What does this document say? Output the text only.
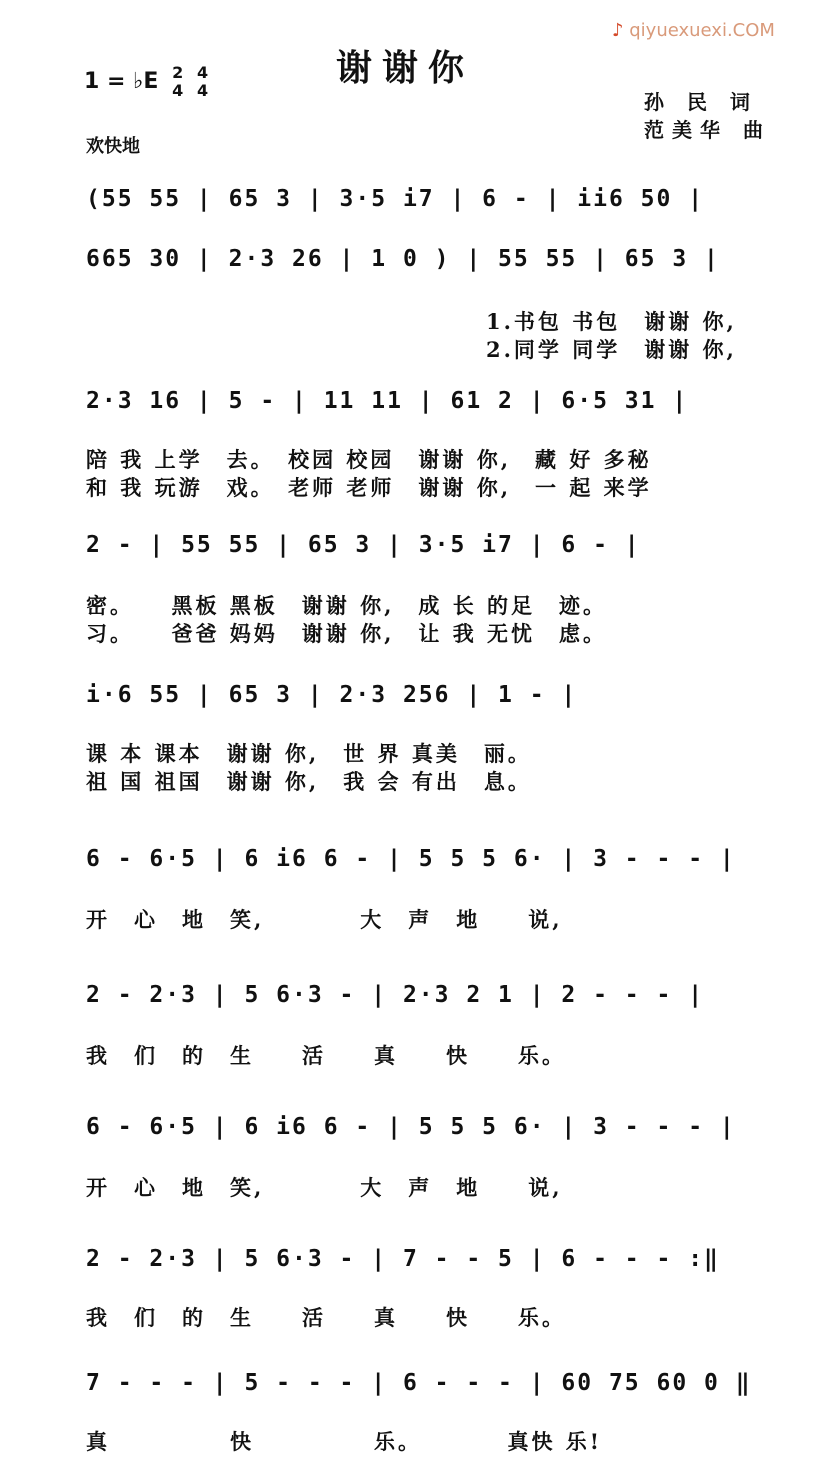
谢谢你
1 = ♭E 2
4

4
4
欢快地
孙 民 词
范美华 曲
♪ qiyuexuexi.COM
(55 55 | 65 3 | 3·5 i7 | 6 - | ii6 50 |
665 30 | 2·3 26 | 1 0 ) | 55 55 | 65 3 |
1.书包 书包　谢谢 你,
2.同学 同学　谢谢 你,
2·3 16 | 5 - | 11 11 | 61 2 | 6·5 31 |
陪 我 上学　去。　校园 校园　谢谢 你,　藏 好 多秘
和 我 玩游　戏。　老师 老师　谢谢 你,　一 起 来学
2 - | 55 55 | 65 3 | 3·5 i7 | 6 - |
密。　　黑板 黑板　谢谢 你,　成 长 的足　迹。
习。　　爸爸 妈妈　谢谢 你,　让 我 无忧　虑。
i·6 55 | 65 3 | 2·3 256 | 1 - |
课 本 课本　谢谢 你,　世 界 真美　丽。
祖 国 祖国　谢谢 你,　我 会 有出　息。
6 - 6·5 | 6 i6 6 - | 5 5 5 6· | 3 - - - |
开　心　地　笑,　　　　大　声　地　　说,
2 - 2·3 | 5 6·3 - | 2·3 2 1 | 2 - - - |
我　们　的　生　　活　　真　　快　　乐。
6 - 6·5 | 6 i6 6 - | 5 5 5 6· | 3 - - - |
开　心　地　笑,　　　　大　声　地　　说,
2 - 2·3 | 5 6·3 - | 7 - - 5 | 6 - - - :‖
我　们　的　生　　活　　真　　快　　乐。
7 - - - | 5 - - - | 6 - - - | 60 75 60 0 ‖
真　　　　　快　　　　　乐。　　　　真快 乐!
